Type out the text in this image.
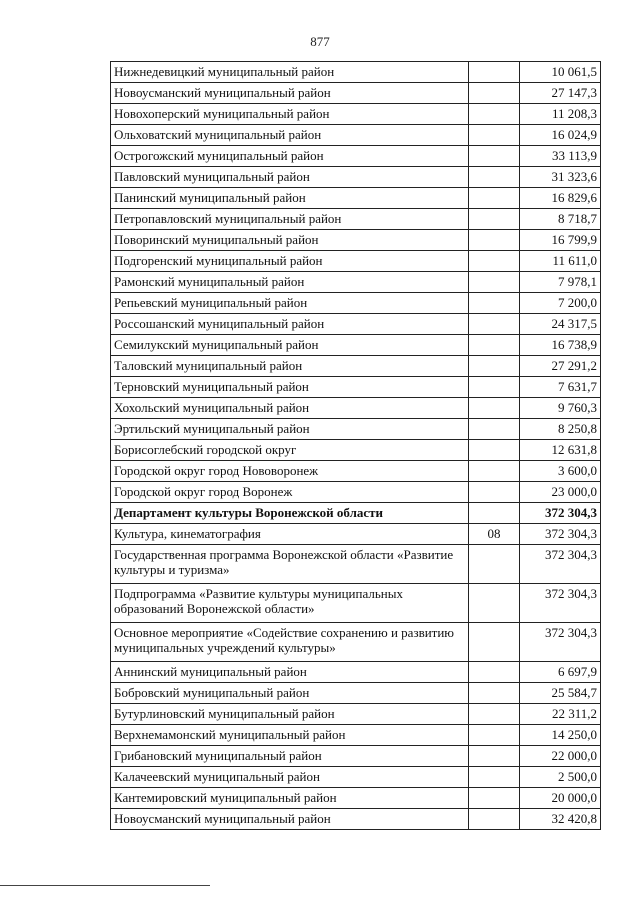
877
Нижнедевицкий муниципальный район		10 061,5
Новоусманский муниципальный район		27 147,3
Новохоперский муниципальный район		11 208,3
Ольховатский муниципальный район		16 024,9
Острогожский муниципальный район		33 113,9
Павловский муниципальный район		31 323,6
Панинский муниципальный район		16 829,6
Петропавловский муниципальный район		8 718,7
Поворинский муниципальный район		16 799,9
Подгоренский муниципальный район		11 611,0
Рамонский муниципальный район		7 978,1
Репьевский муниципальный район		7 200,0
Россошанский муниципальный район		24 317,5
Семилукский муниципальный район		16 738,9
Таловский муниципальный район		27 291,2
Терновский муниципальный район		7 631,7
Хохольский муниципальный район		9 760,3
Эртильский муниципальный район		8 250,8
Борисоглебский городской округ		12 631,8
Городской округ город Нововоронеж		3 600,0
Городской округ город Воронеж		23 000,0
Департамент культуры Воронежской области		372 304,3
Культура, кинематография	08	372 304,3
Государственная программа Воронежской области «Развитие культуры и туризма»		372 304,3
Подпрограмма «Развитие культуры муниципальных образований Воронежской области»		372 304,3
Основное мероприятие «Содействие сохранению и развитию муниципальных учреждений культуры»		372 304,3
Аннинский муниципальный район		6 697,9
Бобровский муниципальный район		25 584,7
Бутурлиновский муниципальный район		22 311,2
Верхнемамонский муниципальный район		14 250,0
Грибановский муниципальный район		22 000,0
Калачеевский муниципальный район		2 500,0
Кантемировский муниципальный район		20 000,0
Новоусманский муниципальный район		32 420,8
